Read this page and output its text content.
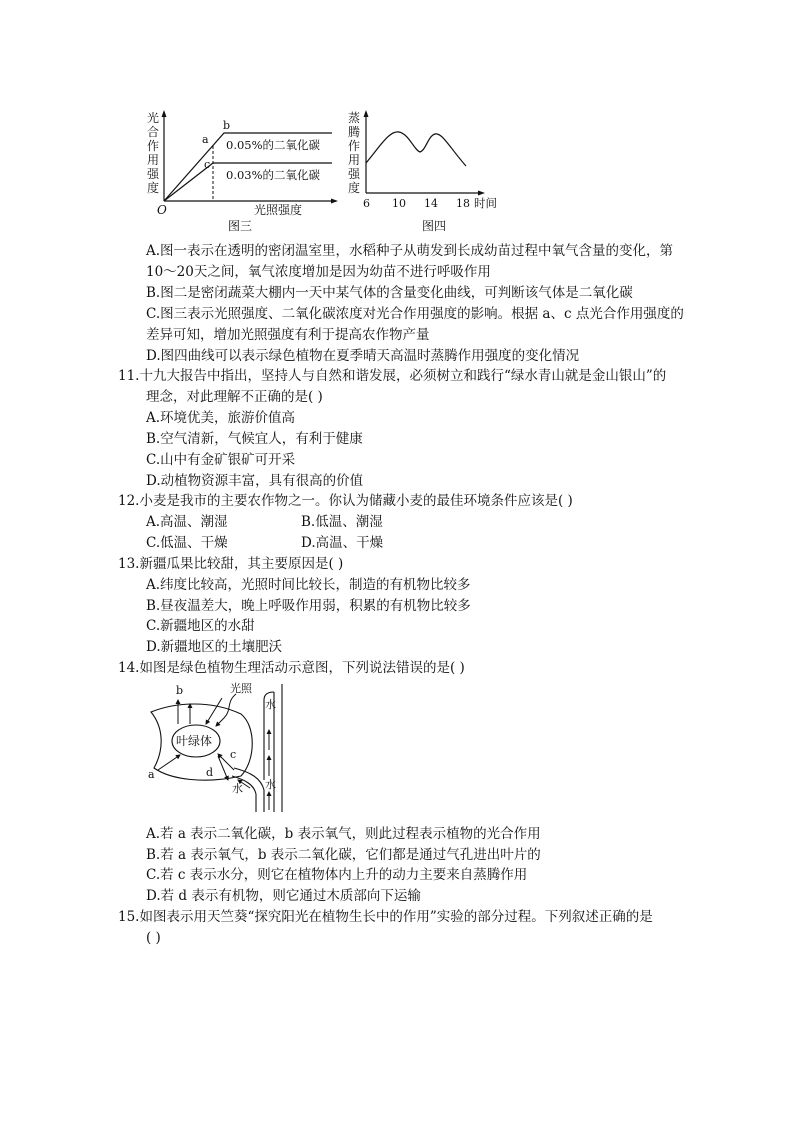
光 合 作 用 强 度
a
b
c
0.05%的二氧化碳
0.03%的二氧化碳
O	光照强度
图三
蒸 腾 作 用 强 度
6 10 14 18 时间
图四
A.图一表示在透明的密闭温室里，水稻种子从萌发到长成幼苗过程中氧气含量的变化，第
10～20天之间，氧气浓度增加是因为幼苗不进行呼吸作用
B.图二是密闭蔬菜大棚内一天中某气体的含量变化曲线，可判断该气体是二氧化碳
C.图三表示光照强度、二氧化碳浓度对光合作用强度的影响。根据 a、c 点光合作用强度的
差异可知，增加光照强度有利于提高农作物产量
D.图四曲线可以表示绿色植物在夏季晴天高温时蒸腾作用强度的变化情况
11.十九大报告中指出，坚持人与自然和谐发展，必须树立和践行“绿水青山就是金山银山”的
理念，对此理解不正确的是( )
A.环境优美，旅游价值高
B.空气清新，气候宜人，有利于健康
C.山中有金矿银矿可开采
D.动植物资源丰富，具有很高的价值
12.小麦是我市的主要农作物之一。你认为储藏小麦的最佳环境条件应该是( )
A.高温、潮湿	B.低温、潮湿
C.低温、干燥	D.高温、干燥
13.新疆瓜果比较甜，其主要原因是( )
A.纬度比较高，光照时间比较长，制造的有机物比较多
B.昼夜温差大，晚上呼吸作用弱，积累的有机物比较多
C.新疆地区的水甜
D.新疆地区的土壤肥沃
14.如图是绿色植物生理活动示意图，下列说法错误的是( )
叶绿体
b
a
光照
c
d
水
水
水
A.若 a 表示二氧化碳，b 表示氧气，则此过程表示植物的光合作用
B.若 a 表示氧气，b 表示二氧化碳，它们都是通过气孔进出叶片的
C.若 c 表示水分，则它在植物体内上升的动力主要来自蒸腾作用
D.若 d 表示有机物，则它通过木质部向下运输
15.如图表示用天竺葵“探究阳光在植物生长中的作用”实验的部分过程。下列叙述正确的是
( )
